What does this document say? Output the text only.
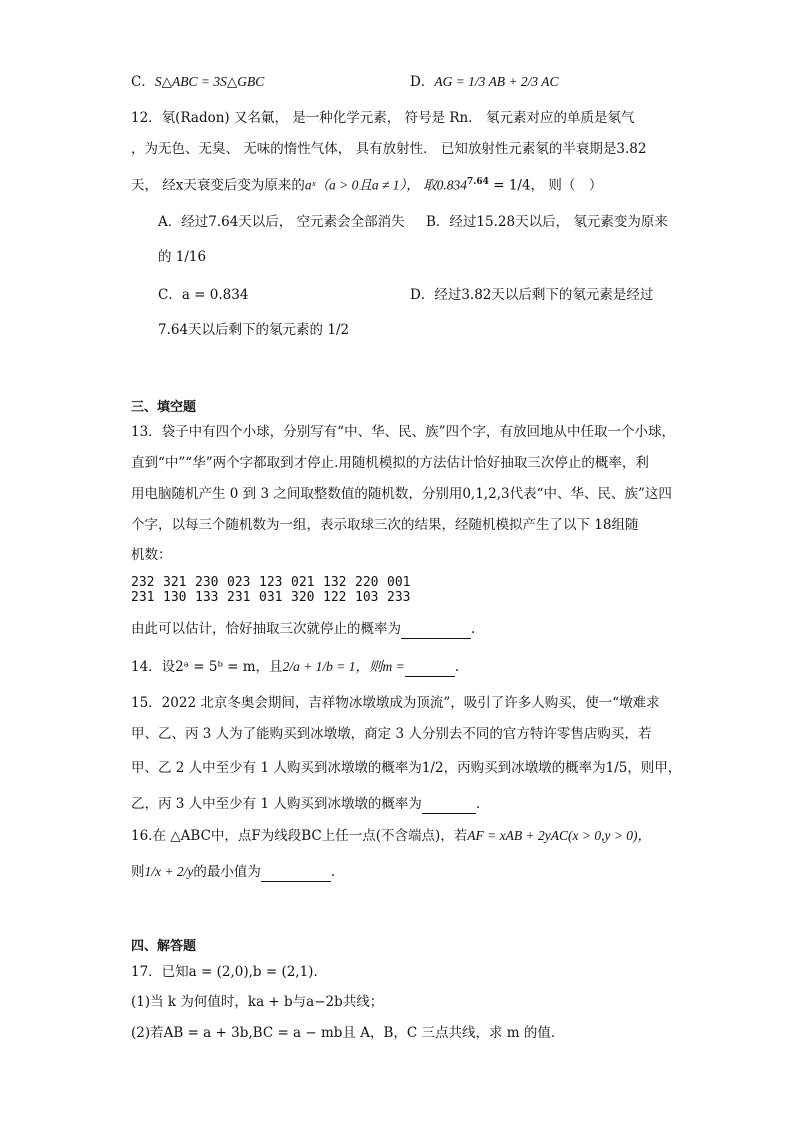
C．S△ABC = 3S△GBC	D．AG = 1/3 AB + 2/3 AC
12．氡(Radon) 又名氭， 是一种化学元素， 符号是 Rn． 氡元素对应的单质是氡气
，为无色、无臭、 无味的惰性气体， 具有放射性． 已知放射性元素氡的半衰期是3.82
天， 经x天衰变后变为原来的aˣ（a > 0且a ≠ 1）， 取$0.834^{7.64} = 1/4$， 则（　）
A．经过7.64天以后， 空元素会全部消失 B．经过15.28天以后， 氡元素变为原来
的 1/16
C．a = 0.834	D．经过3.82天以后剩下的氡元素是经过
7.64天以后剩下的氡元素的 1/2
三、填空题
13．袋子中有四个小球，分别写有“中、华、民、族”四个字，有放回地从中任取一个小球，
直到“中”“华”两个字都取到才停止.用随机模拟的方法估计恰好抽取三次停止的概率，利
用电脑随机产生 0 到 3 之间取整数值的随机数，分别用0,1,2,3代表“中、华、民、族”这四
个字，以每三个随机数为一组，表示取球三次的结果，经随机模拟产生了以下 18组随
机数：
232 321 230 023 123 021 132 220 001
231 130 133 231 031 320 122 103 233
由此可以估计，恰好抽取三次就停止的概率为	.
14．设2ᵃ = 5ᵇ = m，且2/a + 1/b = 1，则m =	.
15．2022 北京冬奥会期间，吉祥物冰墩墩成为顶流”，吸引了许多人购买，使一“墩难求
甲、乙、丙 3 人为了能购买到冰墩墩，商定 3 人分别去不同的官方特许零售店购买，若
甲、乙 2 人中至少有 1 人购买到冰墩墩的概率为1/2，丙购买到冰墩墩的概率为1/5，则甲，
乙，丙 3 人中至少有 1 人购买到冰墩墩的概率为	.
16.在 △ABC中，点F为线段BC上任一点(不含端点)，若AF = xAB + 2yAC(x > 0,y > 0)，
则1/x + 2/y的最小值为	.
四、解答题
17．已知a = (2,0),b = (2,1)．
(1)当 k 为何值时，ka + b与a−2b共线；
(2)若AB = a + 3b,BC = a − mb且 A，B，C 三点共线，求 m 的值．
